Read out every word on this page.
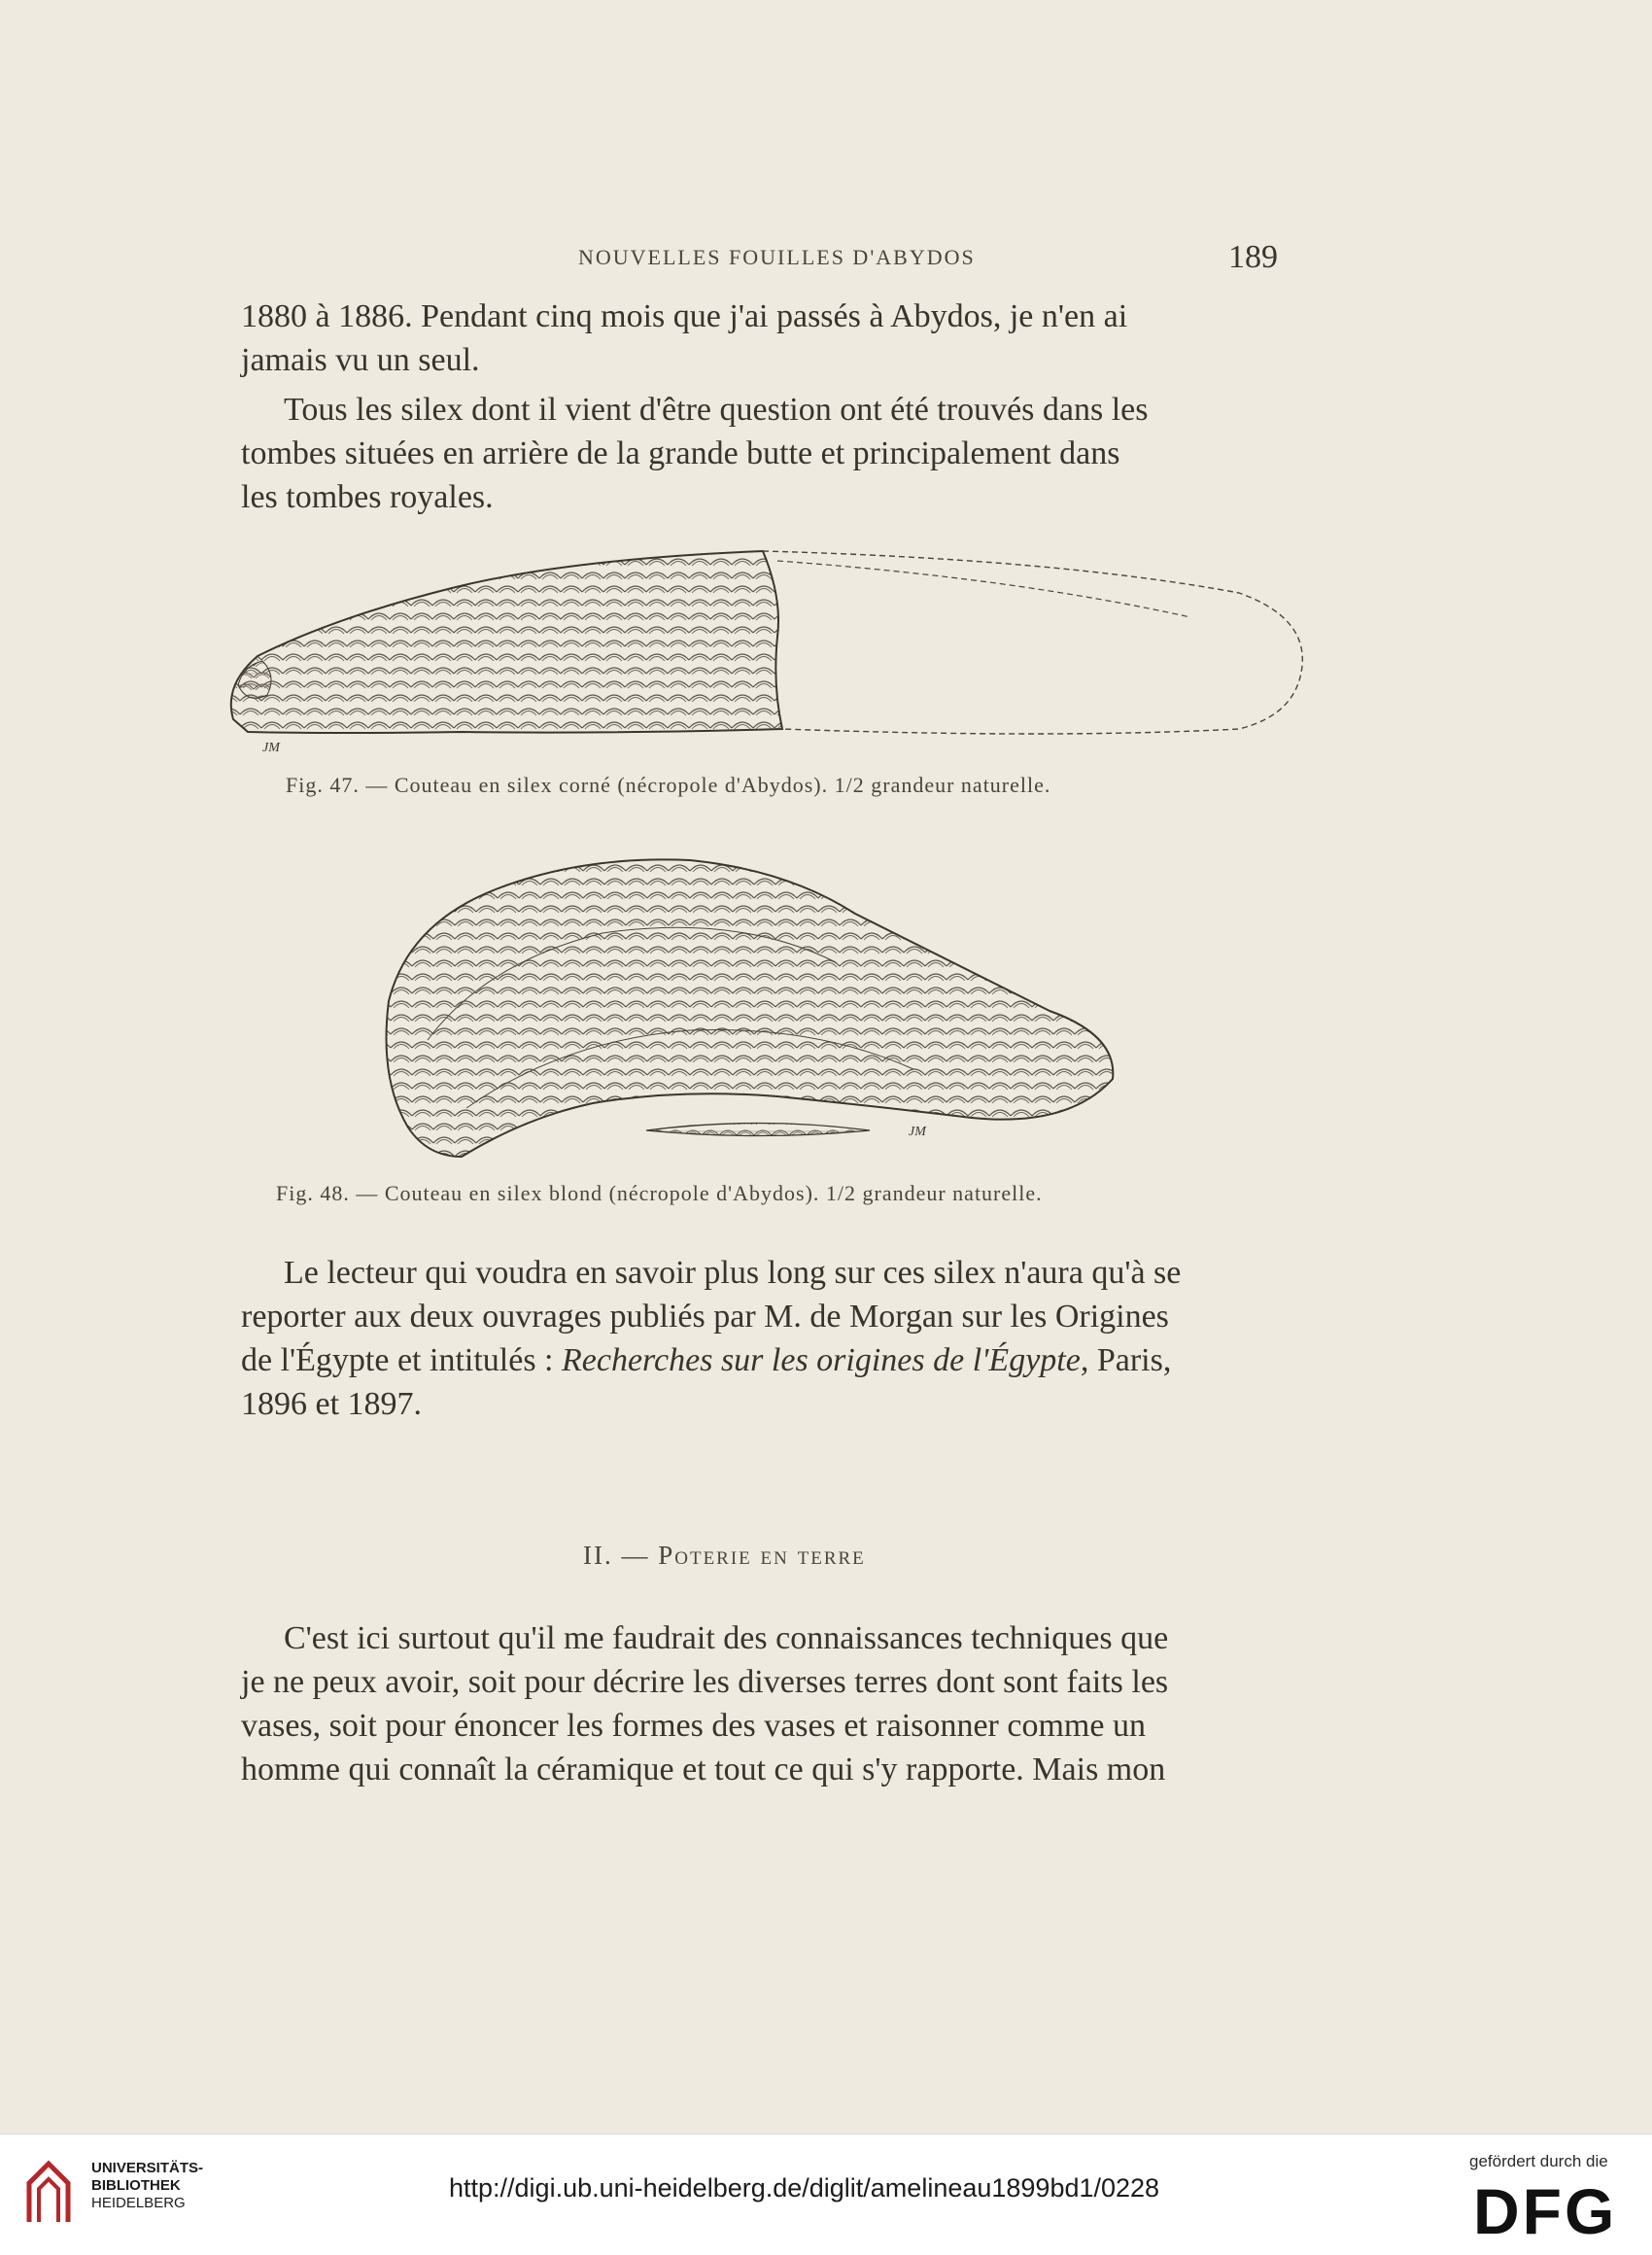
NOUVELLES FOUILLES D'ABYDOS	189

1880 à 1886. Pendant cinq mois que j'ai passés à Abydos, je n'en ai

jamais vu un seul.

Tous les silex dont il vient d'être question ont été trouvés dans les

tombes situées en arrière de la grande butte et principalement dans

les tombes royales.

JM
Fig. 47. — Couteau en silex corné (nécropole d'Abydos). 1/2 grandeur naturelle.
JM
Fig. 48. — Couteau en silex blond (nécropole d'Abydos). 1/2 grandeur naturelle.

Le lecteur qui voudra en savoir plus long sur ces silex n'aura qu'à se

reporter aux deux ouvrages publiés par M. de Morgan sur les Origines

de l'Égypte et intitulés : Recherches sur les origines de l'Égypte, Paris,

1896 et 1897.

II. — Poterie en terre

C'est ici surtout qu'il me faudrait des connaissances techniques que

je ne peux avoir, soit pour décrire les diverses terres dont sont faits les

vases, soit pour énoncer les formes des vases et raisonner comme un

homme qui connaît la céramique et tout ce qui s'y rapporte. Mais mon

UNIVERSITÄTS-
BIBLIOTHEK
HEIDELBERG
http://digi.ub.uni-heidelberg.de/diglit/amelineau1899bd1/0228
gefördert durch die
DFG
